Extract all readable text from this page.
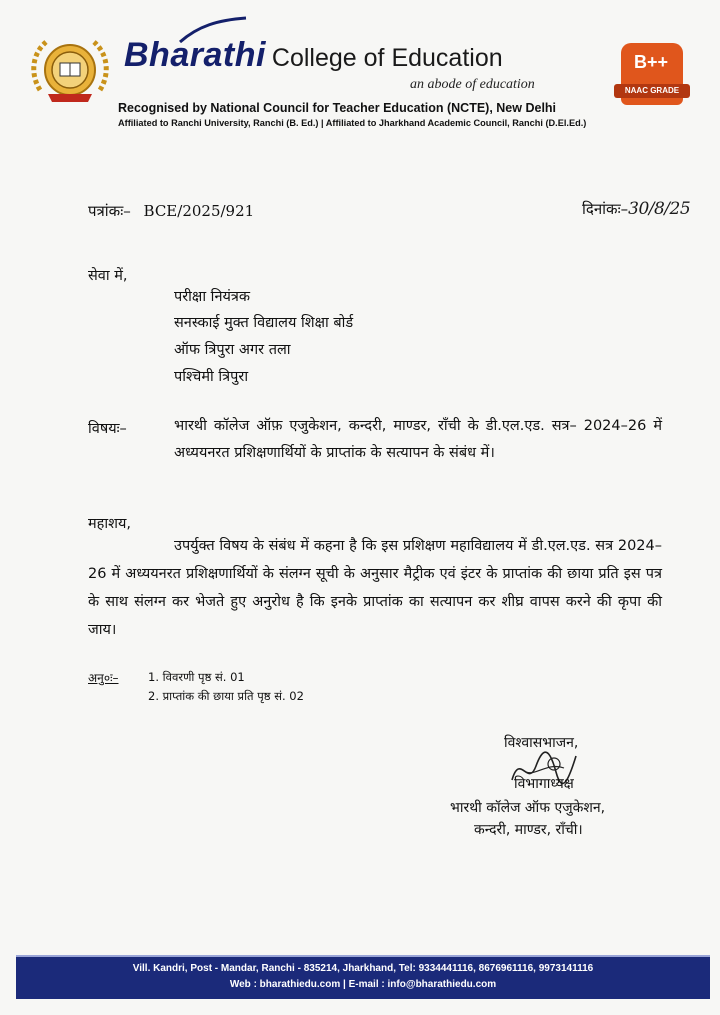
Bharathi College of Education
an abode of education
Recognised by National Council for Teacher Education (NCTE), New Delhi
Affiliated to Ranchi University, Ranchi (B. Ed.) | Affiliated to Jharkhand Academic Council, Ranchi (D.El.Ed.)
B++
NAAC GRADE
पत्रांकः– BCE/2025/921	दिनांकः–30/8/25
सेवा में,
परीक्षा नियंत्रक
सनस्काई मुक्त विद्यालय शिक्षा बोर्ड
ऑफ त्रिपुरा अगर तला
पश्चिमी त्रिपुरा
विषयः–	भारथी कॉलेज ऑफ़ एजुकेशन, कन्दरी, माण्डर, राँची के डी.एल.एड. सत्र– 2024–26 में अध्ययनरत प्रशिक्षणार्थियों के प्राप्तांक के सत्यापन के संबंध में।
महाशय,
उपर्युक्त विषय के संबंध में कहना है कि इस प्रशिक्षण महाविद्यालय में डी.एल.एड. सत्र 2024–26 में अध्ययनरत प्रशिक्षणार्थियों के संलग्न सूची के अनुसार मैट्रीक एवं इंटर के प्राप्तांक की छाया प्रति इस पत्र के साथ संलग्न कर भेजते हुए अनुरोध है कि इनके प्राप्तांक का सत्यापन कर शीघ्र वापस करने की कृपा की जाय।
अनु०ः–	1. विवरणी पृष्ठ सं. 01
2. प्राप्तांक की छाया प्रति पृष्ठ सं. 02
विश्वासभाजन,
विभागाध्यक्ष
भारथी कॉलेज ऑफ एजुकेशन,
कन्दरी, माण्डर, राँची।
Vill. Kandri, Post - Mandar, Ranchi - 835214, Jharkhand, Tel: 9334441116, 8676961116, 9973141116
Web : bharathiedu.com | E-mail : info@bharathiedu.com
